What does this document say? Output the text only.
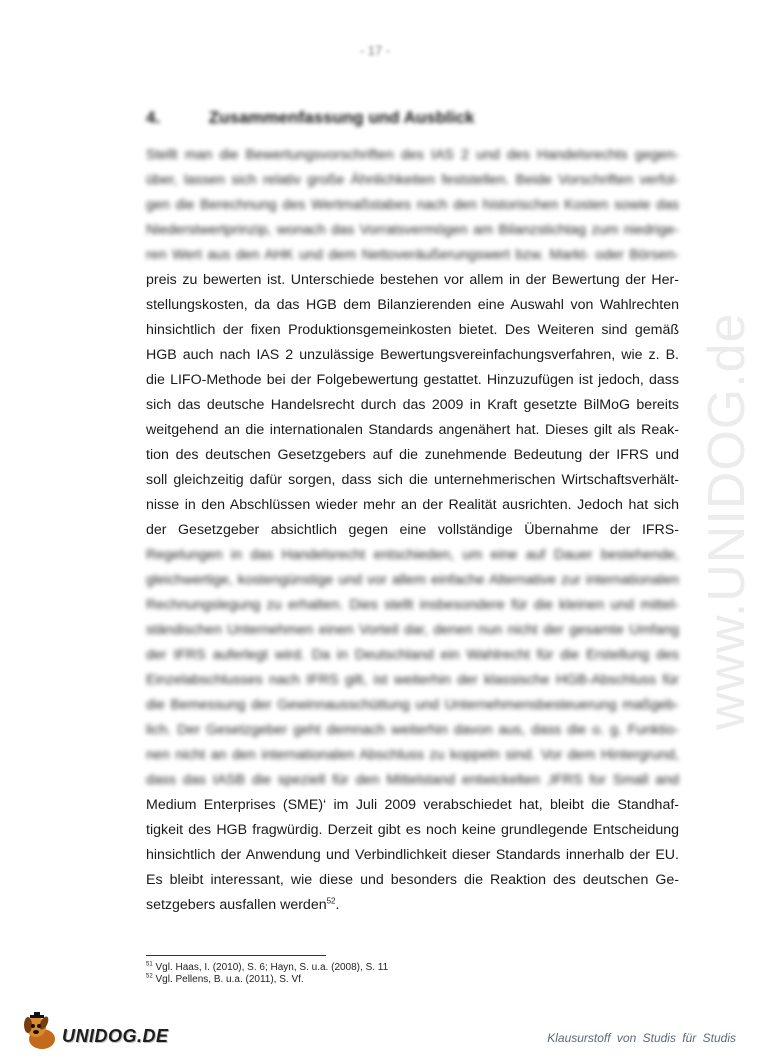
- 17 -
4.	Zusammenfassung und Ausblick
Stellt man die Bewertungsvorschriften des IAS 2 und des Handelsrechts gegen-
über, lassen sich relativ große Ähnlichkeiten feststellen. Beide Vorschriften verfol-
gen die Berechnung des Wertmaßstabes nach den historischen Kosten sowie das
Niederstwertprinzip, wonach das Vorratsvermögen am Bilanzstichtag zum niedrige-
ren Wert aus den AHK und dem Nettoveräußerungswert bzw. Markt- oder Börsen-
preis zu bewerten ist. Unterschiede bestehen vor allem in der Bewertung der Her-
stellungskosten, da das HGB dem Bilanzierenden eine Auswahl von Wahlrechten
hinsichtlich der fixen Produktionsgemeinkosten bietet. Des Weiteren sind gemäß
HGB auch nach IAS 2 unzulässige Bewertungsvereinfachungsverfahren, wie z. B.
die LIFO-Methode bei der Folgebewertung gestattet. Hinzuzufügen ist jedoch, dass
sich das deutsche Handelsrecht durch das 2009 in Kraft gesetzte BilMoG bereits
weitgehend an die internationalen Standards angenähert hat. Dieses gilt als Reak-
tion des deutschen Gesetzgebers auf die zunehmende Bedeutung der IFRS und
soll gleichzeitig dafür sorgen, dass sich die unternehmerischen Wirtschaftsverhält-
nisse in den Abschlüssen wieder mehr an der Realität ausrichten. Jedoch hat sich
der Gesetzgeber absichtlich gegen eine vollständige Übernahme der IFRS-
Regelungen in das Handelsrecht entschieden, um eine auf Dauer bestehende,
gleichwertige, kostengünstige und vor allem einfache Alternative zur internationalen
Rechnungslegung zu erhalten. Dies stellt insbesondere für die kleinen und mittel-
ständischen Unternehmen einen Vorteil dar, denen nun nicht der gesamte Umfang
der IFRS auferlegt wird. Da in Deutschland ein Wahlrecht für die Erstellung des
Einzelabschlusses nach IFRS gilt, ist weiterhin der klassische HGB-Abschluss für
die Bemessung der Gewinnausschüttung und Unternehmensbesteuerung maßgeb-
lich. Der Gesetzgeber geht demnach weiterhin davon aus, dass die o. g. Funktio-
nen nicht an den internationalen Abschluss zu koppeln sind. Vor dem Hintergrund,
dass das IASB die speziell für den Mittelstand entwickelten ‚IFRS for Small and
Medium Enterprises (SME)‘ im Juli 2009 verabschiedet hat, bleibt die Standhaf-
tigkeit des HGB fragwürdig. Derzeit gibt es noch keine grundlegende Entscheidung
hinsichtlich der Anwendung und Verbindlichkeit dieser Standards innerhalb der EU.
Es bleibt interessant, wie diese und besonders die Reaktion des deutschen Ge-
setzgebers ausfallen werden$^{52}$.
$^{51}$ Vgl. Haas, I. (2010), S. 6; Hayn, S. u.a. (2008), S. 11
$^{52}$ Vgl. Pellens, B. u.a. (2011), S. Vf.
www.UNIDOG.de
UNIDOG.DE	Klausurstoff von Studis für Studis
